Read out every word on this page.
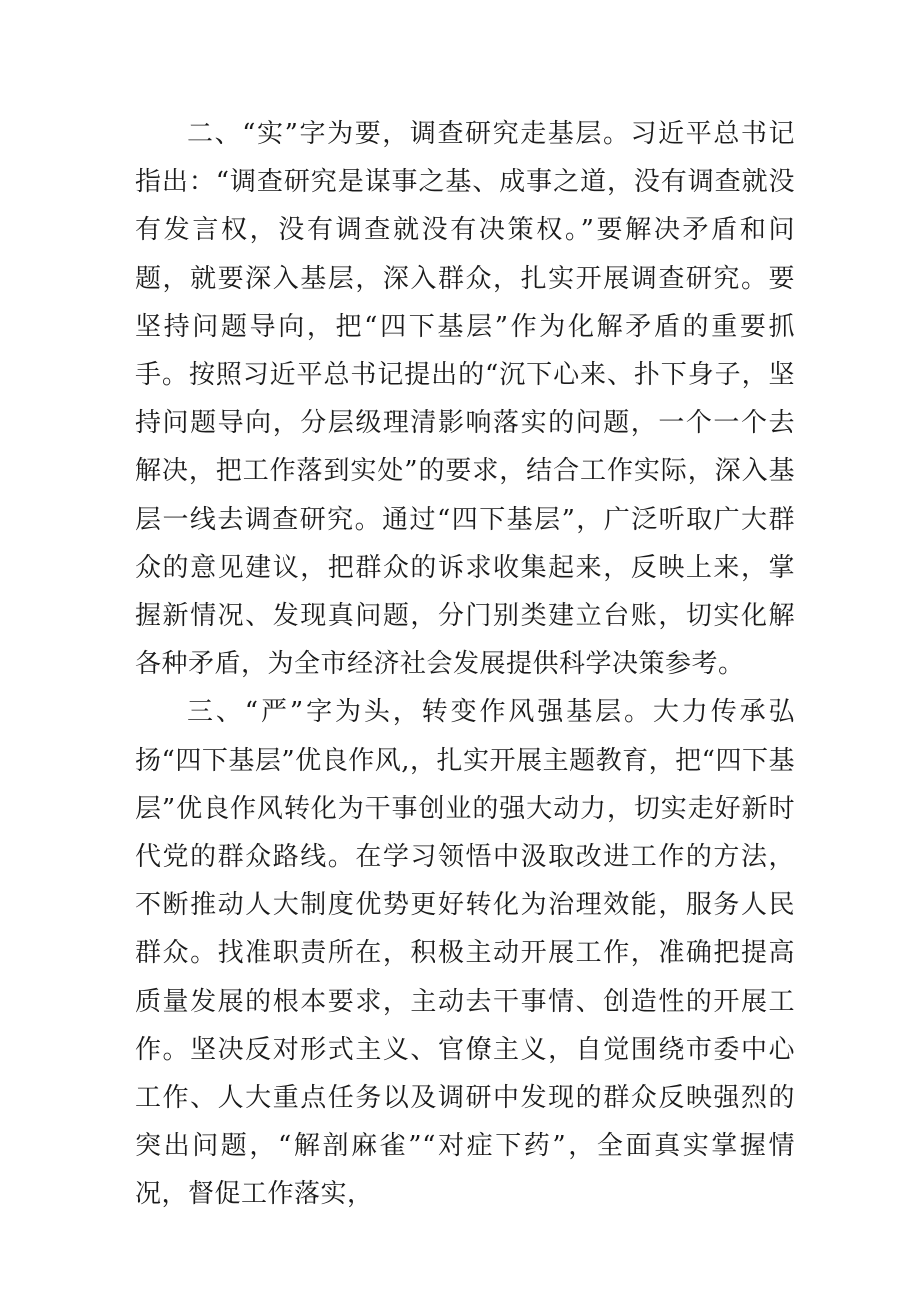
二、“实”字为要，调查研究走基层。习近平总书记指出：“调查研究是谋事之基、成事之道，没有调查就没有发言权，没有调查就没有决策权。”要解决矛盾和问题，就要深入基层，深入群众，扎实开展调查研究。要坚持问题导向，把“四下基层”作为化解矛盾的重要抓手。按照习近平总书记提出的“沉下心来、扑下身子，坚持问题导向，分层级理清影响落实的问题，一个一个去解决，把工作落到实处”的要求，结合工作实际，深入基层一线去调查研究。通过“四下基层”，广泛听取广大群众的意见建议，把群众的诉求收集起来，反映上来，掌握新情况、发现真问题，分门别类建立台账，切实化解各种矛盾，为全市经济社会发展提供科学决策参考。

三、“严”字为头，转变作风强基层。大力传承弘扬“四下基层”优良作风,，扎实开展主题教育，把“四下基层”优良作风转化为干事创业的强大动力，切实走好新时代党的群众路线。在学习领悟中汲取改进工作的方法，不断推动人大制度优势更好转化为治理效能，服务人民群众。找准职责所在，积极主动开展工作，准确把提高质量发展的根本要求，主动去干事情、创造性的开展工作。坚决反对形式主义、官僚主义，自觉围绕市委中心工作、人大重点任务以及调研中发现的群众反映强烈的突出问题，“解剖麻雀”“对症下药”，全面真实掌握情况，督促工作落实，
